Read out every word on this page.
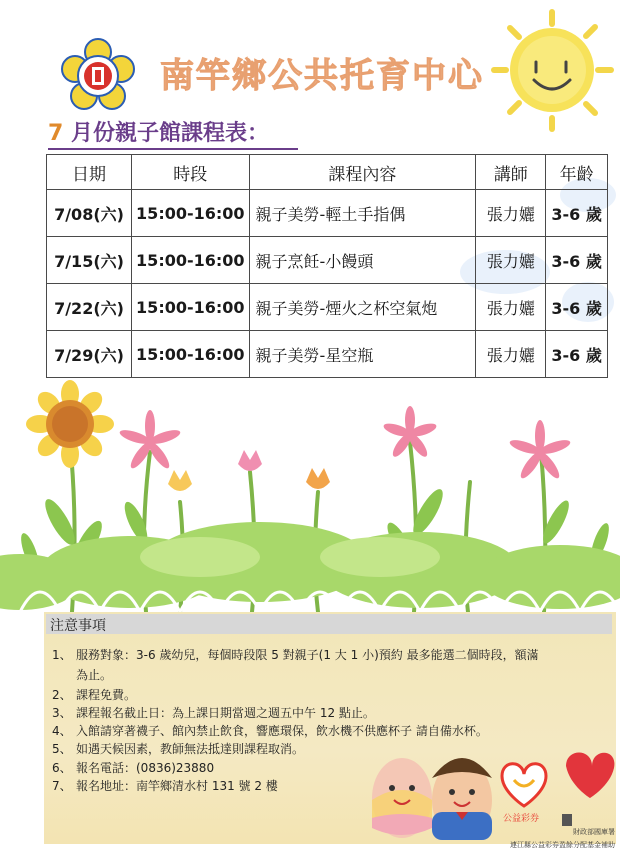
南竿鄉公共托育中心
7 月份親子館課程表：
日期	時段	課程內容	講師	年齡
7/08(六)	15:00-16:00	親子美勞-輕土手指偶	張力孋	3-6 歲
7/15(六)	15:00-16:00	親子烹飪-小饅頭	張力孋	3-6 歲
7/22(六)	15:00-16:00	親子美勞-煙火之杯空氣炮	張力孋	3-6 歲
7/29(六)	15:00-16:00	親子美勞-星空瓶	張力孋	3-6 歲
注意事項
1、 服務對象：3-6 歲幼兒，每個時段限 5 對親子(1 大 1 小)預約 最多能選二個時段，額滿
為止。
2、 課程免費。
3、 課程報名截止日：為上課日期當週之週五中午 12 點止。
4、 入館請穿著襪子、館內禁止飲食，響應環保，飲水機不供應杯子 請自備水杯。
5、 如遇天候因素，教師無法抵達則課程取消。
6、 報名電話：(0836)23880
7、 報名地址：南竿鄉清水村 131 號 2 樓
公益彩券
財政部國庫署
連江縣公益彩券盈餘分配基金補助
